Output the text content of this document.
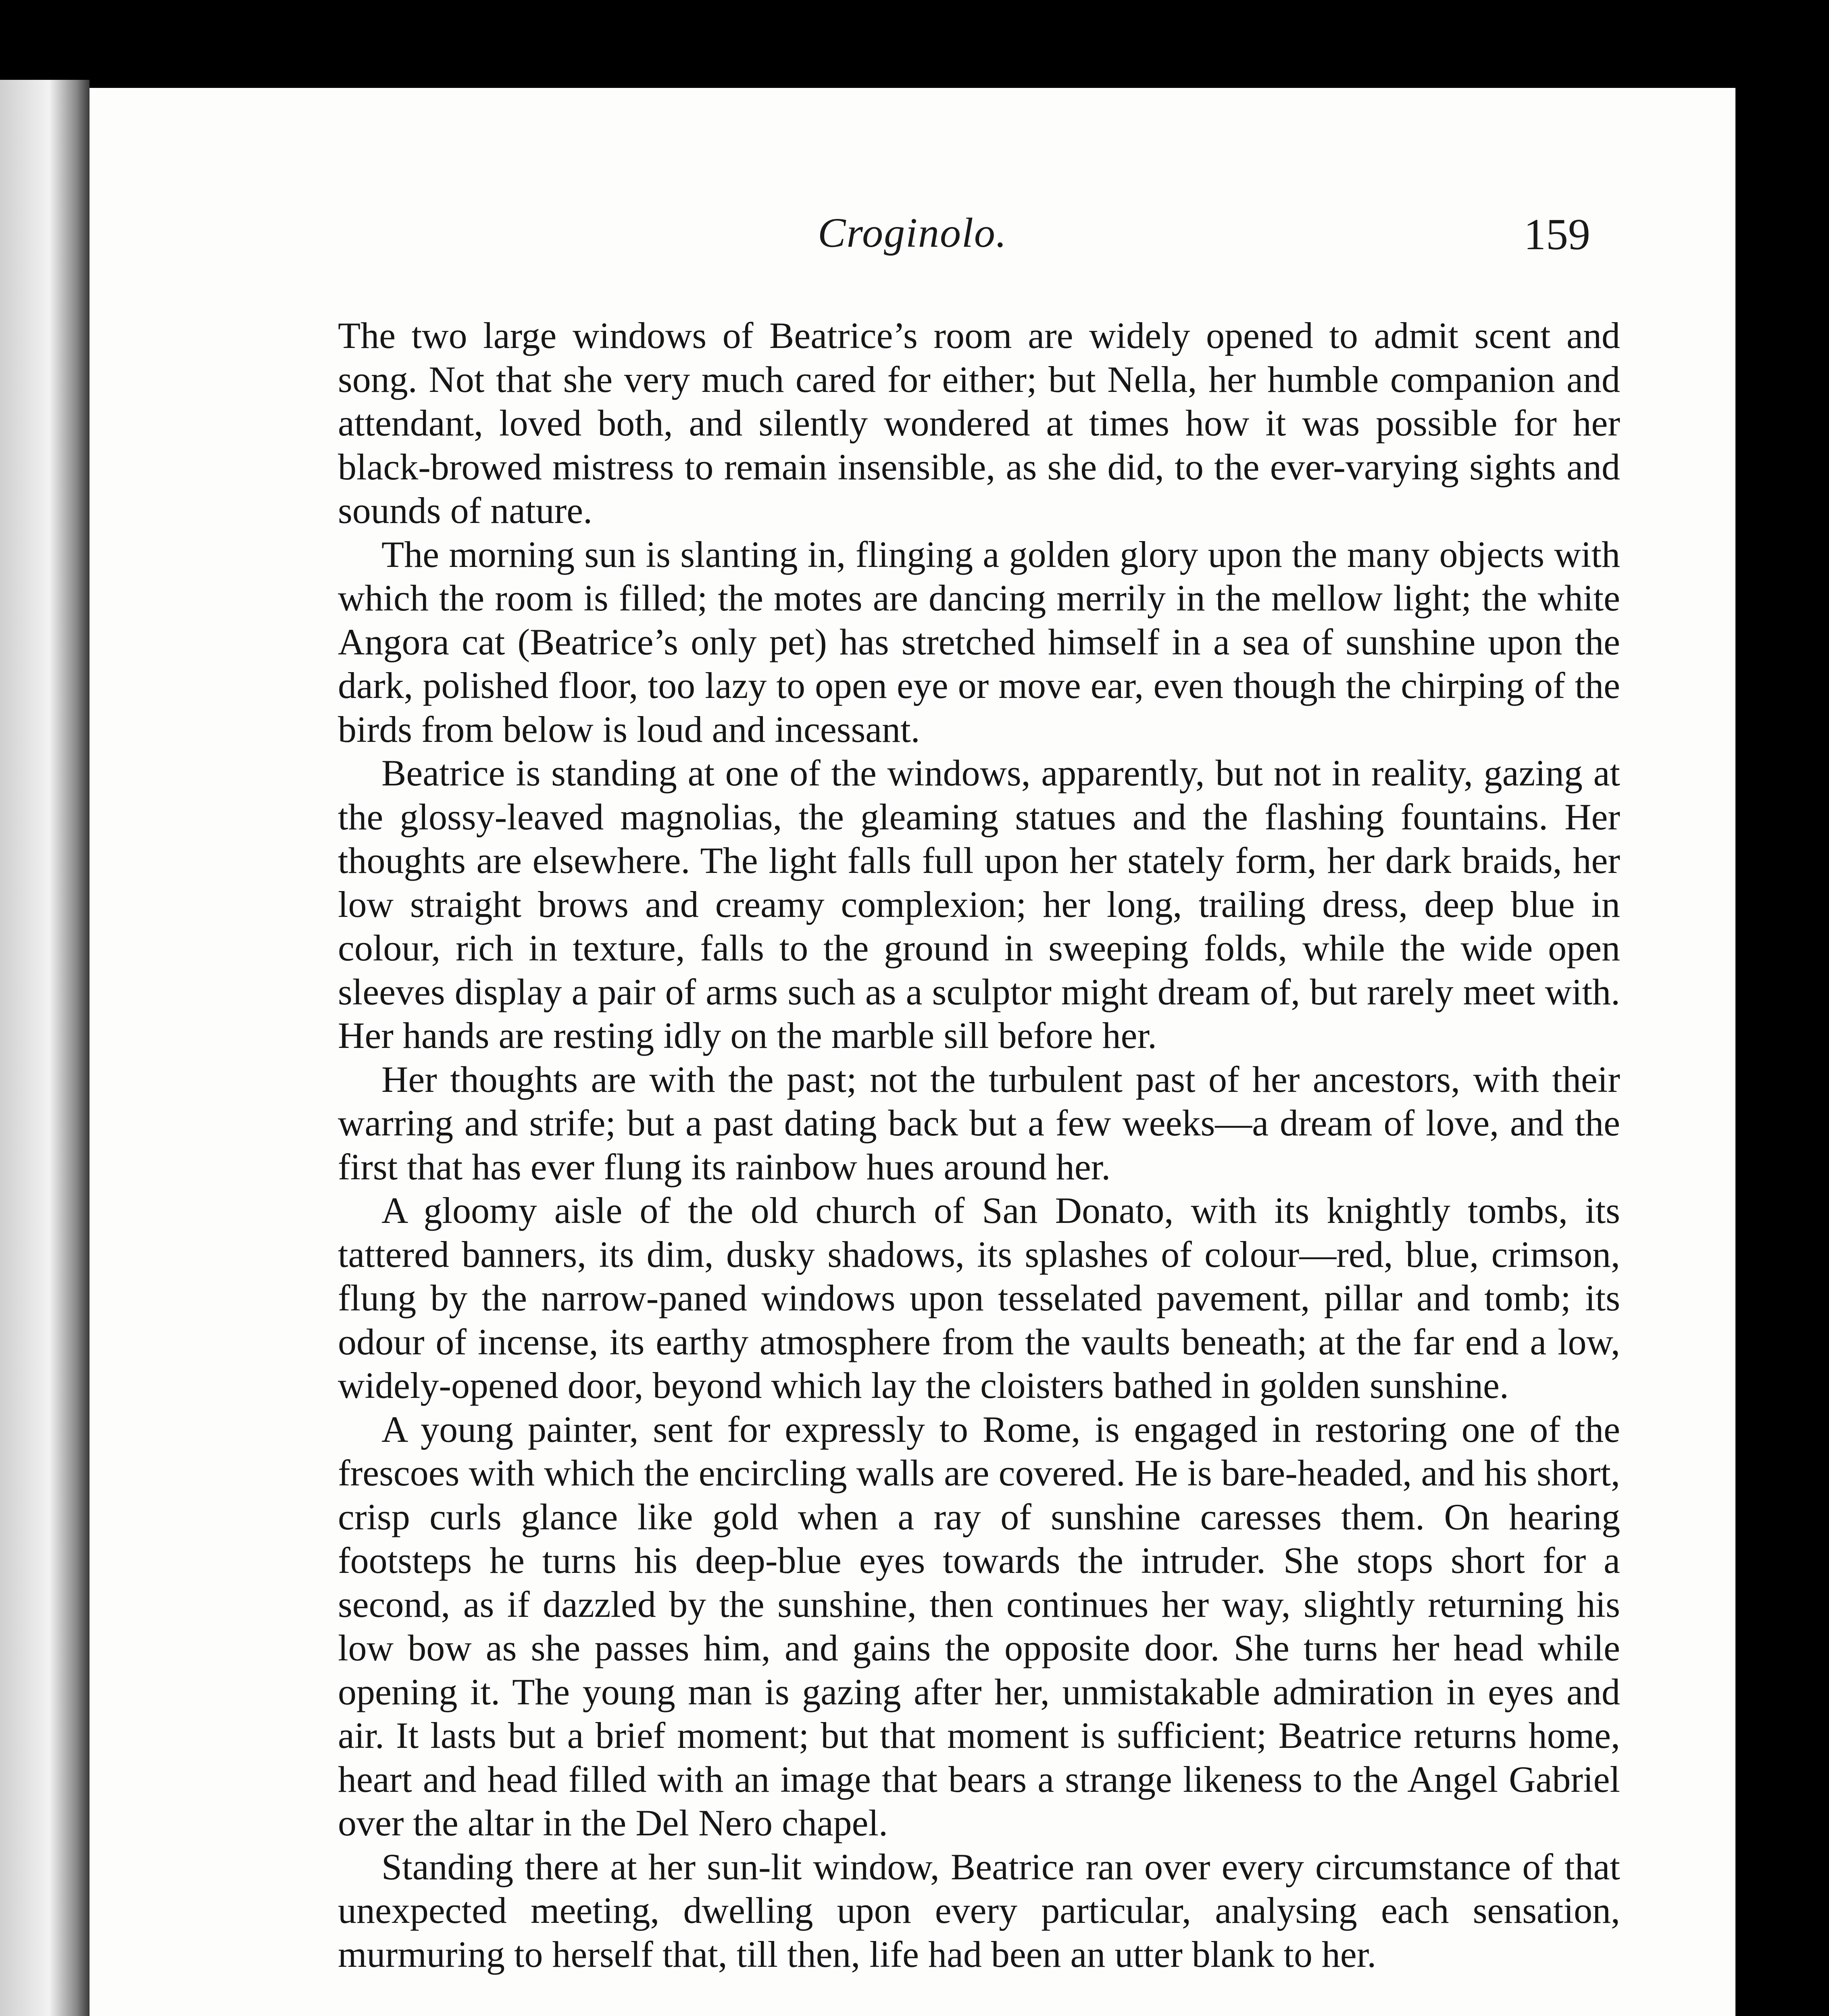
Croginolo.	159

The two large windows of Beatrice’s room are widely opened to admit scent and song. Not that she very much cared for either; but Nella, her humble companion and attendant, loved both, and silently wondered at times how it was possible for her black-browed mistress to remain insensible, as she did, to the ever-varying sights and sounds of nature.

The morning sun is slanting in, flinging a golden glory upon the many objects with which the room is filled; the motes are dancing merrily in the mellow light; the white Angora cat (Beatrice’s only pet) has stretched himself in a sea of sunshine upon the dark, polished floor, too lazy to open eye or move ear, even though the chirping of the birds from below is loud and incessant.

Beatrice is standing at one of the windows, apparently, but not in reality, gazing at the glossy-leaved magnolias, the gleaming statues and the flashing fountains. Her thoughts are elsewhere. The light falls full upon her stately form, her dark braids, her low straight brows and creamy complexion; her long, trailing dress, deep blue in colour, rich in texture, falls to the ground in sweeping folds, while the wide open sleeves display a pair of arms such as a sculptor might dream of, but rarely meet with. Her hands are resting idly on the marble sill before her.

Her thoughts are with the past; not the turbulent past of her ancestors, with their warring and strife; but a past dating back but a few weeks—a dream of love, and the first that has ever flung its rainbow hues around her.

A gloomy aisle of the old church of San Donato, with its knightly tombs, its tattered banners, its dim, dusky shadows, its splashes of colour—red, blue, crimson, flung by the narrow-paned windows upon tesselated pavement, pillar and tomb; its odour of incense, its earthy atmosphere from the vaults beneath; at the far end a low, widely-opened door, beyond which lay the cloisters bathed in golden sunshine.

A young painter, sent for expressly to Rome, is engaged in restoring one of the frescoes with which the encircling walls are covered. He is bare-headed, and his short, crisp curls glance like gold when a ray of sunshine caresses them. On hearing footsteps he turns his deep-blue eyes towards the intruder. She stops short for a second, as if dazzled by the sunshine, then continues her way, slightly returning his low bow as she passes him, and gains the opposite door. She turns her head while opening it. The young man is gazing after her, unmistakable admiration in eyes and air. It lasts but a brief moment; but that moment is sufficient; Beatrice returns home, heart and head filled with an image that bears a strange likeness to the Angel Gabriel over the altar in the Del Nero chapel.

Standing there at her sun-lit window, Beatrice ran over every circumstance of that unexpected meeting, dwelling upon every particular, analysing each sensation, murmuring to herself that, till then, life had been an utter blank to her.
